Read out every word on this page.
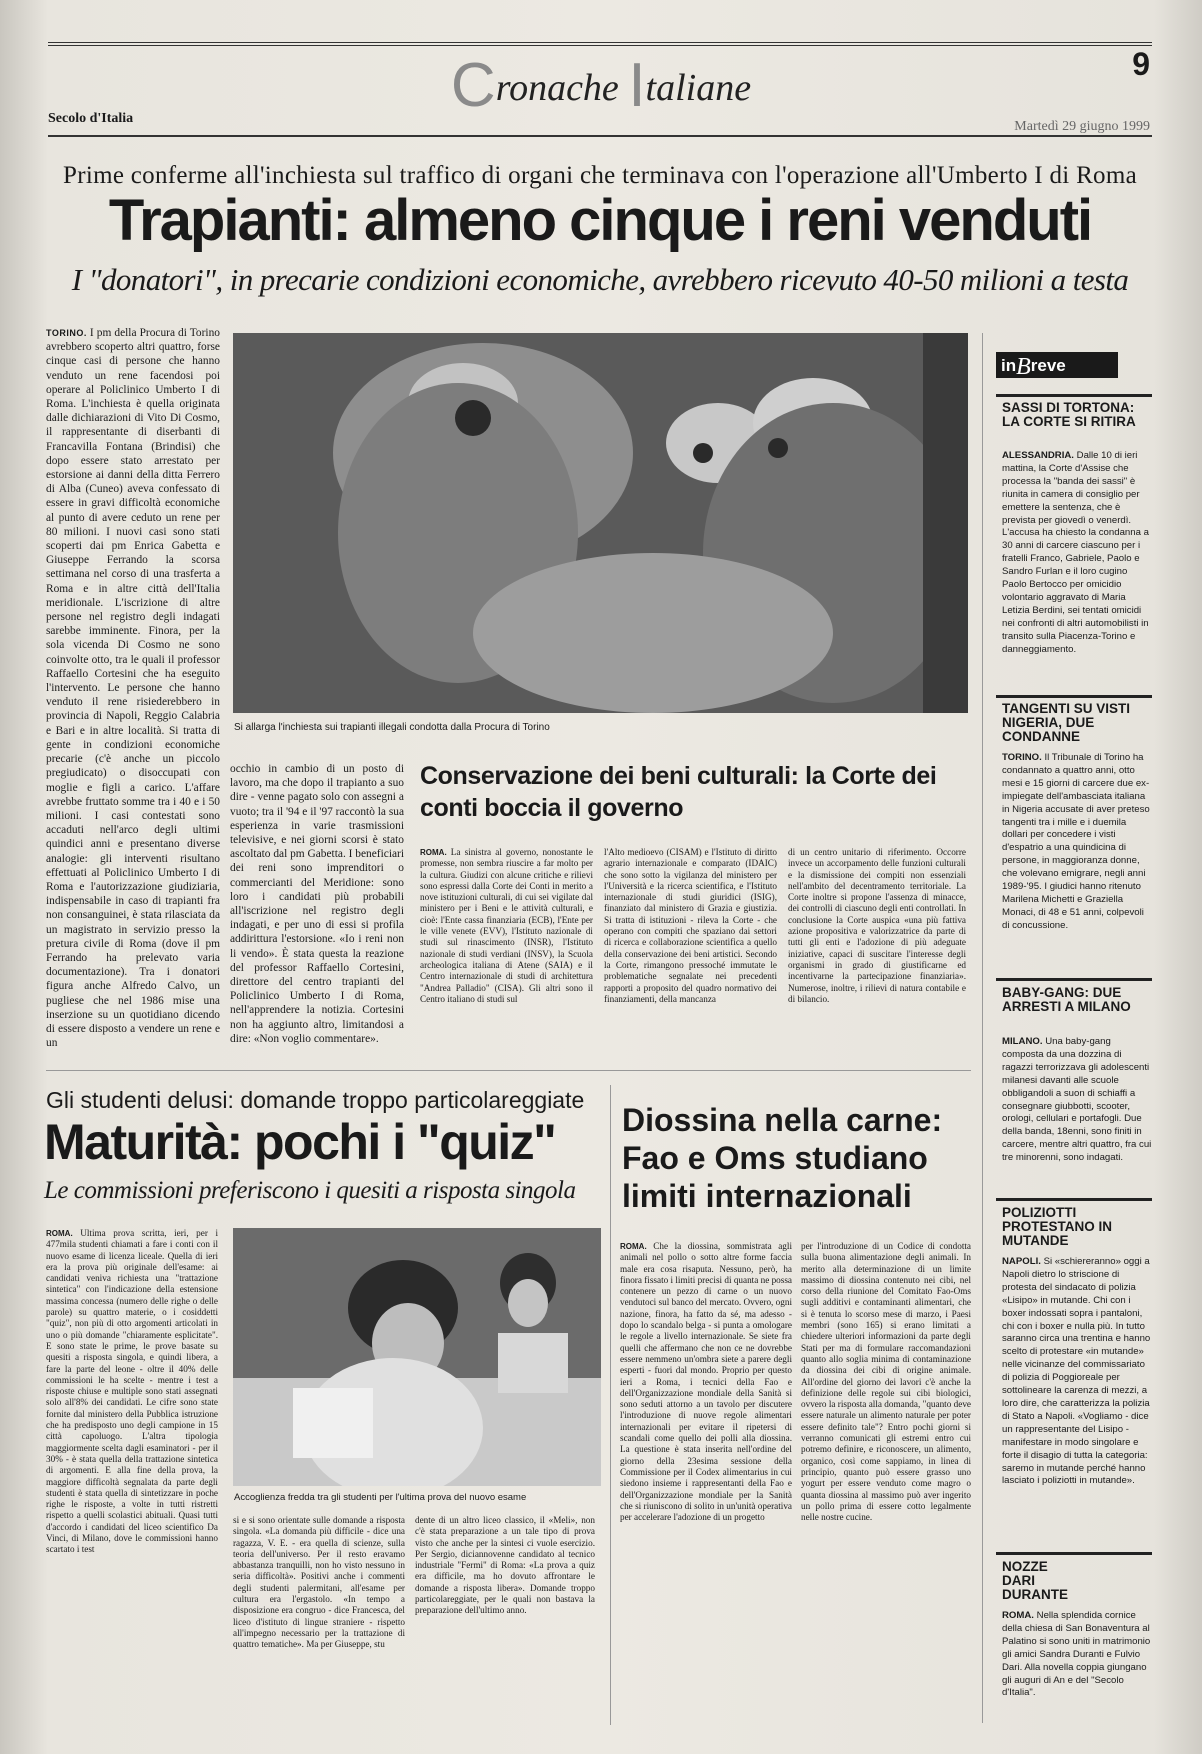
Cronache Italiane
9
Secolo d'Italia
Martedì 29 giugno 1999
Prime conferme all'inchiesta sul traffico di organi che terminava con l'operazione all'Umberto I di Roma
Trapianti: almeno cinque i reni venduti
I "donatori", in precarie condizioni economiche, avrebbero ricevuto 40-50 milioni a testa
TORINO. I pm della Procura di Torino avrebbero scoperto altri quattro, forse cinque casi di persone che hanno venduto un rene facendosi poi operare al Policlinico Umberto I di Roma. L'inchiesta è quella originata dalle dichiarazioni di Vito Di Cosmo, il rappresentante di diserbanti di Francavilla Fontana (Brindisi) che dopo essere stato arrestato per estorsione ai danni della ditta Ferrero di Alba (Cuneo) aveva confessato di essere in gravi difficoltà economiche al punto di avere ceduto un rene per 80 milioni. I nuovi casi sono stati scoperti dai pm Enrica Gabetta e Giuseppe Ferrando la scorsa settimana nel corso di una trasferta a Roma e in altre città dell'Italia meridionale. L'iscrizione di altre persone nel registro degli indagati sarebbe imminente. Finora, per la sola vicenda Di Cosmo ne sono coinvolte otto, tra le quali il professor Raffaello Cortesini che ha eseguito l'intervento. Le persone che hanno venduto il rene risiederebbero in provincia di Napoli, Reggio Calabria e Bari e in altre località. Si tratta di gente in condizioni economiche precarie (c'è anche un piccolo pregiudicato) o disoccupati con moglie e figli a carico. L'affare avrebbe fruttato somme tra i 40 e i 50 milioni. I casi contestati sono accaduti nell'arco degli ultimi quindici anni e presentano diverse analogie: gli interventi risultano effettuati al Policlinico Umberto I di Roma e l'autorizzazione giudiziaria, indispensabile in caso di trapianti fra non consanguinei, è stata rilasciata da un magistrato in servizio presso la pretura civile di Roma (dove il pm Ferrando ha prelevato varia documentazione). Tra i donatori figura anche Alfredo Calvo, un pugliese che nel 1986 mise una inserzione su un quotidiano dicendo di essere disposto a vendere un rene e un
Si allarga l'inchiesta sui trapianti illegali condotta dalla Procura di Torino
occhio in cambio di un posto di lavoro, ma che dopo il trapianto a suo dire - venne pagato solo con assegni a vuoto; tra il '94 e il '97 raccontò la sua esperienza in varie trasmissioni televisive, e nei giorni scorsi è stato ascoltato dal pm Gabetta. I beneficiari dei reni sono imprenditori o commercianti del Meridione: sono loro i candidati più probabili all'iscrizione nel registro degli indagati, e per uno di essi si profila addirittura l'estorsione. «Io i reni non li vendo». È stata questa la reazione del professor Raffaello Cortesini, direttore del centro trapianti del Policlinico Umberto I di Roma, nell'apprendere la notizia. Cortesini non ha aggiunto altro, limitandosi a dire: «Non voglio commentare».
Conservazione dei beni culturali: la Corte dei conti boccia il governo
ROMA. La sinistra al governo, nonostante le promesse, non sembra riuscire a far molto per la cultura. Giudizi con alcune critiche e rilievi sono espressi dalla Corte dei Conti in merito a nove istituzioni culturali, di cui sei vigilate dal ministero per i Beni e le attività culturali, e cioè: l'Ente cassa finanziaria (ECB), l'Ente per le ville venete (EVV), l'Istituto nazionale di studi sul rinascimento (INSR), l'Istituto nazionale di studi verdiani (INSV), la Scuola archeologica italiana di Atene (SAIA) e il Centro internazionale di studi di architettura "Andrea Palladio" (CISA). Gli altri sono il Centro italiano di studi sul
l'Alto medioevo (CISAM) e l'Istituto di diritto agrario internazionale e comparato (IDAIC) che sono sotto la vigilanza del ministero per l'Università e la ricerca scientifica, e l'Istituto internazionale di studi giuridici (ISIG), finanziato dal ministero di Grazia e giustizia. Si tratta di istituzioni - rileva la Corte - che operano con compiti che spaziano dai settori di ricerca e collaborazione scientifica a quello della conservazione dei beni artistici. Secondo la Corte, rimangono pressoché immutate le problematiche segnalate nei precedenti rapporti a proposito del quadro normativo dei finanziamenti, della mancanza
di un centro unitario di riferimento. Occorre invece un accorpamento delle funzioni culturali e la dismissione dei compiti non essenziali nell'ambito del decentramento territoriale. La Corte inoltre si propone l'assenza di minacce, dei controlli di ciascuno degli enti controllati. In conclusione la Corte auspica «una più fattiva azione propositiva e valorizzatrice da parte di tutti gli enti e l'adozione di più adeguate iniziative, capaci di suscitare l'interesse degli organismi in grado di giustificarne ed incentivarne la partecipazione finanziaria». Numerose, inoltre, i rilievi di natura contabile e di bilancio.
inBreve
SASSI DI TORTONA: LA CORTE SI RITIRA
ALESSANDRIA. Dalle 10 di ieri mattina, la Corte d'Assise che processa la "banda dei sassi" è riunita in camera di consiglio per emettere la sentenza, che è prevista per giovedì o venerdì. L'accusa ha chiesto la condanna a 30 anni di carcere ciascuno per i fratelli Franco, Gabriele, Paolo e Sandro Furlan e il loro cugino Paolo Bertocco per omicidio volontario aggravato di Maria Letizia Berdini, sei tentati omicidi nei confronti di altri automobilisti in transito sulla Piacenza-Torino e danneggiamento.
TANGENTI SU VISTI NIGERIA, DUE CONDANNE
TORINO. Il Tribunale di Torino ha condannato a quattro anni, otto mesi e 15 giorni di carcere due ex-impiegate dell'ambasciata italiana in Nigeria accusate di aver preteso tangenti tra i mille e i duemila dollari per concedere i visti d'espatrio a una quindicina di persone, in maggioranza donne, che volevano emigrare, negli anni 1989-'95. I giudici hanno ritenuto Marilena Michetti e Graziella Monaci, di 48 e 51 anni, colpevoli di concussione.
BABY-GANG: DUE ARRESTI A MILANO
MILANO. Una baby-gang composta da una dozzina di ragazzi terrorizzava gli adolescenti milanesi davanti alle scuole obbligandoli a suon di schiaffi a consegnare giubbotti, scooter, orologi, cellulari e portafogli. Due della banda, 18enni, sono finiti in carcere, mentre altri quattro, fra cui tre minorenni, sono indagati.
POLIZIOTTI PROTESTANO IN MUTANDE
NAPOLI. Si «schiereranno» oggi a Napoli dietro lo striscione di protesta del sindacato di polizia «Lisipo» in mutande. Chi con i boxer indossati sopra i pantaloni, chi con i boxer e nulla più. In tutto saranno circa una trentina e hanno scelto di protestare «in mutande» nelle vicinanze del commissariato di polizia di Poggioreale per sottolineare la carenza di mezzi, a loro dire, che caratterizza la polizia di Stato a Napoli. «Vogliamo - dice un rappresentante del Lisipo - manifestare in modo singolare e forte il disagio di tutta la categoria: saremo in mutande perché hanno lasciato i poliziotti in mutande».
NOZZE DARI DURANTE
ROMA. Nella splendida cornice della chiesa di San Bonaventura al Palatino si sono uniti in matrimonio gli amici Sandra Duranti e Fulvio Dari. Alla novella coppia giungano gli auguri di An e del "Secolo d'Italia".
Gli studenti delusi: domande troppo particolareggiate
Maturità: pochi i "quiz"
Le commissioni preferiscono i quesiti a risposta singola
ROMA. Ultima prova scritta, ieri, per i 477mila studenti chiamati a fare i conti con il nuovo esame di licenza liceale. Quella di ieri era la prova più originale dell'esame: ai candidati veniva richiesta una "trattazione sintetica" con l'indicazione della estensione massima concessa (numero delle righe o delle parole) su quattro materie, o i cosiddetti "quiz", non più di otto argomenti articolati in uno o più domande "chiaramente esplicitate". E sono state le prime, le prove basate su quesiti a risposta singola, e quindi libera, a fare la parte del leone - oltre il 40% delle commissioni le ha scelte - mentre i test a risposte chiuse e multiple sono stati assegnati solo all'8% dei candidati. Le cifre sono state fornite dal ministero della Pubblica istruzione che ha predisposto uno degli campione in 15 città capoluogo. L'altra tipologia maggiormente scelta dagli esaminatori - per il 30% - è stata quella della trattazione sintetica di argomenti. E alla fine della prova, la maggiore difficoltà segnalata da parte degli studenti è stata quella di sintetizzare in poche righe le risposte, a volte in tutti ristretti rispetto a quelli scolastici abituali. Quasi tutti d'accordo i candidati del liceo scientifico Da Vinci, di Milano, dove le commissioni hanno scartato i test
Accoglienza fredda tra gli studenti per l'ultima prova del nuovo esame
si e si sono orientate sulle domande a risposta singola. «La domanda più difficile - dice una ragazza, V. E. - era quella di scienze, sulla teoria dell'universo. Per il resto eravamo abbastanza tranquilli, non ho visto nessuno in seria difficoltà». Positivi anche i commenti degli studenti palermitani, all'esame per cultura era l'ergastolo. «In tempo a disposizione era congruo - dice Francesca, del liceo d'istituto di lingue straniere - rispetto all'impegno necessario per la trattazione di quattro tematiche». Ma per Giuseppe, stu
dente di un altro liceo classico, il «Meli», non c'è stata preparazione a un tale tipo di prova visto che anche per la sintesi ci vuole esercizio. Per Sergio, diciannovenne candidato al tecnico industriale "Fermi" di Roma: «La prova a quiz era difficile, ma ho dovuto affrontare le domande a risposta libera». Domande troppo particolareggiate, per le quali non bastava la preparazione dell'ultimo anno.
Diossina nella carne: Fao e Oms studiano limiti internazionali
ROMA. Che la diossina, sommistrata agli animali nel pollo o sotto altre forme faccia male era cosa risaputa. Nessuno, però, ha finora fissato i limiti precisi di quanta ne possa contenere un pezzo di carne o un nuovo vendutoci sul banco del mercato. Ovvero, ogni nazione, finora, ha fatto da sé, ma adesso - dopo lo scandalo belga - si punta a omologare le regole a livello internazionale. Se siete fra quelli che affermano che non ce ne dovrebbe essere nemmeno un'ombra siete a parere degli esperti - fuori dal mondo. Proprio per questo ieri a Roma, i tecnici della Fao e dell'Organizzazione mondiale della Sanità si sono seduti attorno a un tavolo per discutere l'introduzione di nuove regole alimentari internazionali per evitare il ripetersi di scandali come quello dei polli alla diossina. La questione è stata inserita nell'ordine del giorno della 23esima sessione della Commissione per il Codex alimentarius in cui siedono insieme i rappresentanti della Fao e dell'Organizzazione mondiale per la Sanità che si riuniscono di solito in un'unità operativa per accelerare l'adozione di un progetto
per l'introduzione di un Codice di condotta sulla buona alimentazione degli animali. In merito alla determinazione di un limite massimo di diossina contenuto nei cibi, nel corso della riunione del Comitato Fao-Oms sugli additivi e contaminanti alimentari, che si è tenuta lo scorso mese di marzo, i Paesi membri (sono 165) si erano limitati a chiedere ulteriori informazioni da parte degli Stati per ma di formulare raccomandazioni quanto allo soglia minima di contaminazione da diossina dei cibi di origine animale. All'ordine del giorno dei lavori c'è anche la definizione delle regole sui cibi biologici, ovvero la risposta alla domanda, "quanto deve essere naturale un alimento naturale per poter essere definito tale"? Entro pochi giorni si verranno comunicati gli estremi entro cui potremo definire, e riconoscere, un alimento, organico, così come sappiamo, in linea di principio, quanto può essere grasso uno yogurt per essere venduto come magro o quanta diossina al massimo può aver ingerito un pollo prima di essere cotto legalmente nelle nostre cucine.
